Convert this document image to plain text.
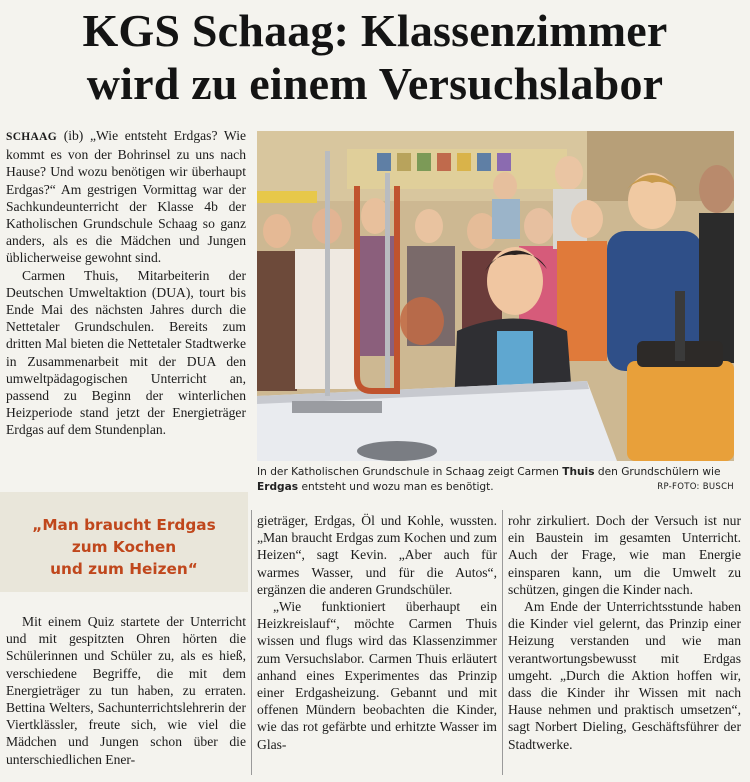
KGS Schaag: Klassenzimmer
wird zu einem Versuchslabor

SCHAAG (ib) „Wie entsteht Erdgas? Wie kommt es von der Bohrinsel zu uns nach Hause? Und wozu benötigen wir überhaupt Erdgas?“ Am gestrigen Vormittag war der Sachkundeunterricht der Klasse 4b der Katholischen Grundschule Schaag so ganz anders, als es die Mädchen und Jungen üblicherweise gewohnt sind.

Carmen Thuis, Mitarbeiterin der Deutschen Umweltaktion (DUA), tourt bis Ende Mai des nächsten Jahres durch die Nettetaler Grundschulen. Bereits zum dritten Mal bieten die Nettetaler Stadtwerke in Zusammenarbeit mit der DUA den umweltpädagogischen Unterricht an, passend zu Beginn der winterlichen Heizperiode stand jetzt der Energieträger Erdgas auf dem Stundenplan.

In der Katholischen Grundschule in Schaag zeigt Carmen Thuis den Grundschülern wie Erdgas entsteht und wozu man es benötigt.	RP-FOTO: BUSCH
„Man braucht Erdgas
zum Kochen
und zum Heizen“

Mit einem Quiz startete der Unterricht und mit gespitzten Ohren hörten die Schülerinnen und Schüler zu, als es hieß, verschiedene Begriffe, die mit dem Energieträger zu tun haben, zu erraten. Bettina Welters, Sachunterrichtslehrerin der Viertklässler, freute sich, wie viel die Mädchen und Jungen schon über die unterschiedlichen Ener-

gieträger, Erdgas, Öl und Kohle, wussten. „Man braucht Erdgas zum Kochen und zum Heizen“, sagt Kevin. „Aber auch für warmes Wasser, und für die Autos“, ergänzen die anderen Grundschüler.

„Wie funktioniert überhaupt ein Heizkreislauf“, möchte Carmen Thuis wissen und flugs wird das Klassenzimmer zum Versuchslabor. Carmen Thuis erläutert anhand eines Experimentes das Prinzip einer Erdgasheizung. Gebannt und mit offenen Mündern beobachten die Kinder, wie das rot gefärbte und erhitzte Wasser im Glas-

rohr zirkuliert. Doch der Versuch ist nur ein Baustein im gesamten Unterricht. Auch der Frage, wie man Energie einsparen kann, um die Umwelt zu schützen, gingen die Kinder nach.

Am Ende der Unterrichtsstunde haben die Kinder viel gelernt, das Prinzip einer Heizung verstanden und wie man verantwortungsbewusst mit Erdgas umgeht. „Durch die Aktion hoffen wir, dass die Kinder ihr Wissen mit nach Hause nehmen und praktisch umsetzen“, sagt Norbert Dieling, Geschäftsführer der Stadtwerke.
